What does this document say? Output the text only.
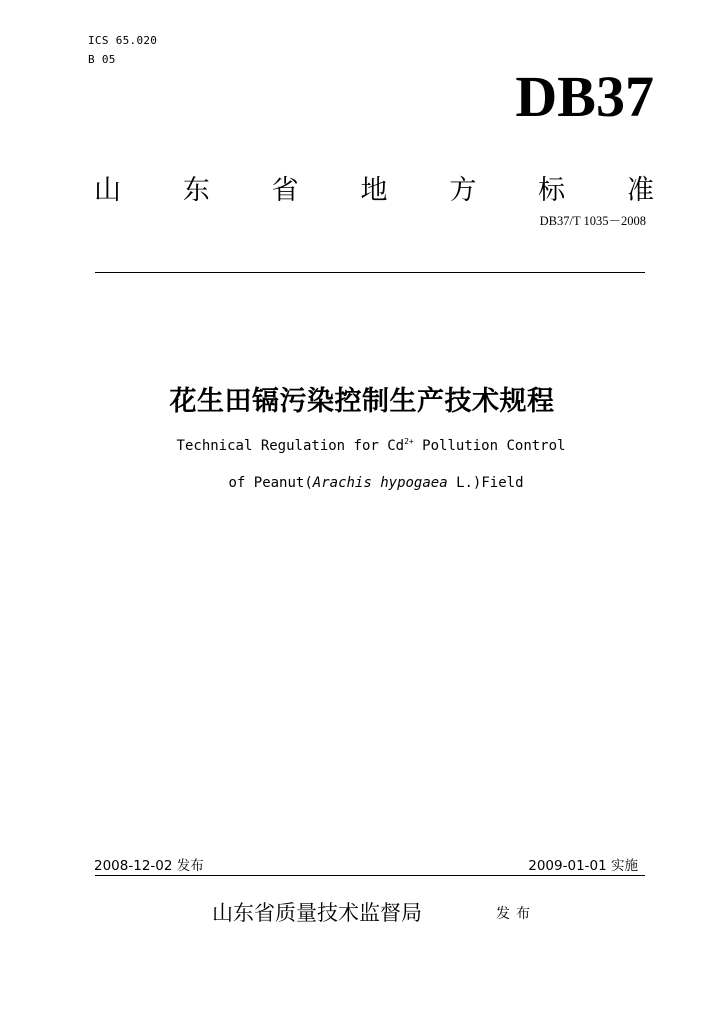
ICS 65.020
B 05
DB37
山 东 省 地 方 标 准
DB37/T 1035－2008
花生田镉污染控制生产技术规程
Technical Regulation for $Cd^{2+}$ Pollution Control
of Peanut(Arachis hypogaea L.)Field
2008-12-02 发布	2009-01-01 实施
山东省质量技术监督局	发布
